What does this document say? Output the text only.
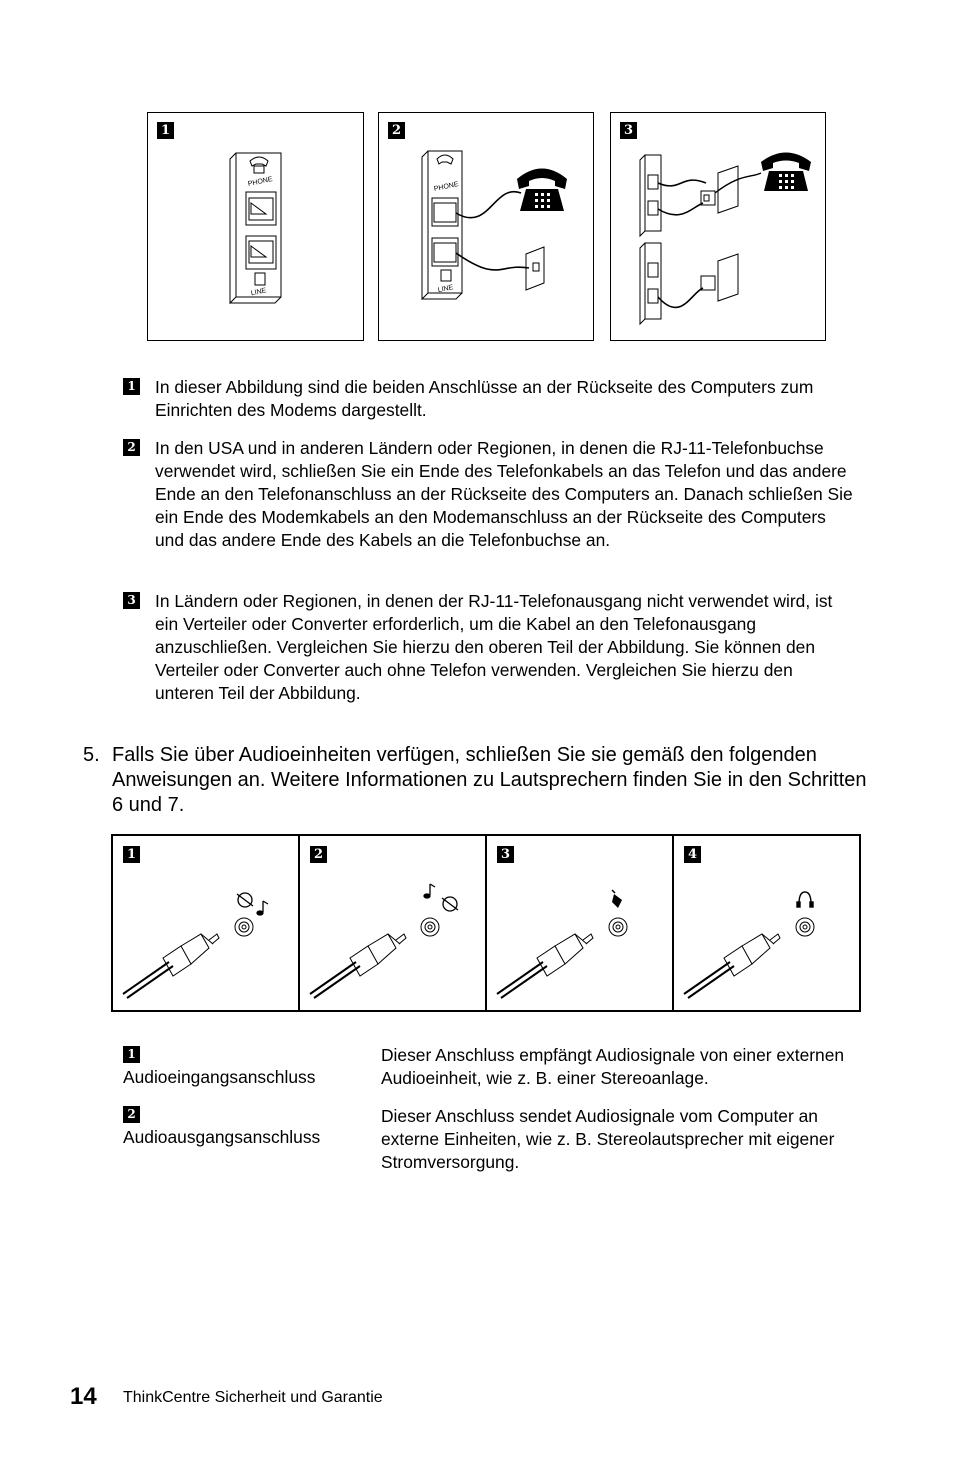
1
PHONE
LINE
2
PHONE
LINE
3
1 In dieser Abbildung sind die beiden Anschlüsse an der Rückseite des Computers zum Einrichten des Modems dargestellt.
2 In den USA und in anderen Ländern oder Regionen, in denen die RJ-11-Telefonbuchse verwendet wird, schließen Sie ein Ende des Telefonkabels an das Telefon und das andere Ende an den Telefonanschluss an der Rückseite des Computers an. Danach schließen Sie ein Ende des Modemkabels an den Modemanschluss an der Rückseite des Computers und das andere Ende des Kabels an die Telefonbuchse an.
3 In Ländern oder Regionen, in denen der RJ-11-Telefonausgang nicht verwendet wird, ist ein Verteiler oder Converter erforderlich, um die Kabel an den Telefonausgang anzuschließen. Vergleichen Sie hierzu den oberen Teil der Abbildung. Sie können den Verteiler oder Converter auch ohne Telefon verwenden. Vergleichen Sie hierzu den unteren Teil der Abbildung.
5. Falls Sie über Audioeinheiten verfügen, schließen Sie sie gemäß den folgenden Anweisungen an. Weitere Informationen zu Lautsprechern finden Sie in den Schritten 6 und 7.
1	2	3	4
1
Audioeingangsanschluss
Dieser Anschluss empfängt Audiosignale von einer externen Audioeinheit, wie z. B. einer Stereoanlage.
2
Audioausgangsanschluss
Dieser Anschluss sendet Audiosignale vom Computer an externe Einheiten, wie z. B. Stereolautsprecher mit eigener Stromversorgung.
14 ThinkCentre Sicherheit und Garantie
